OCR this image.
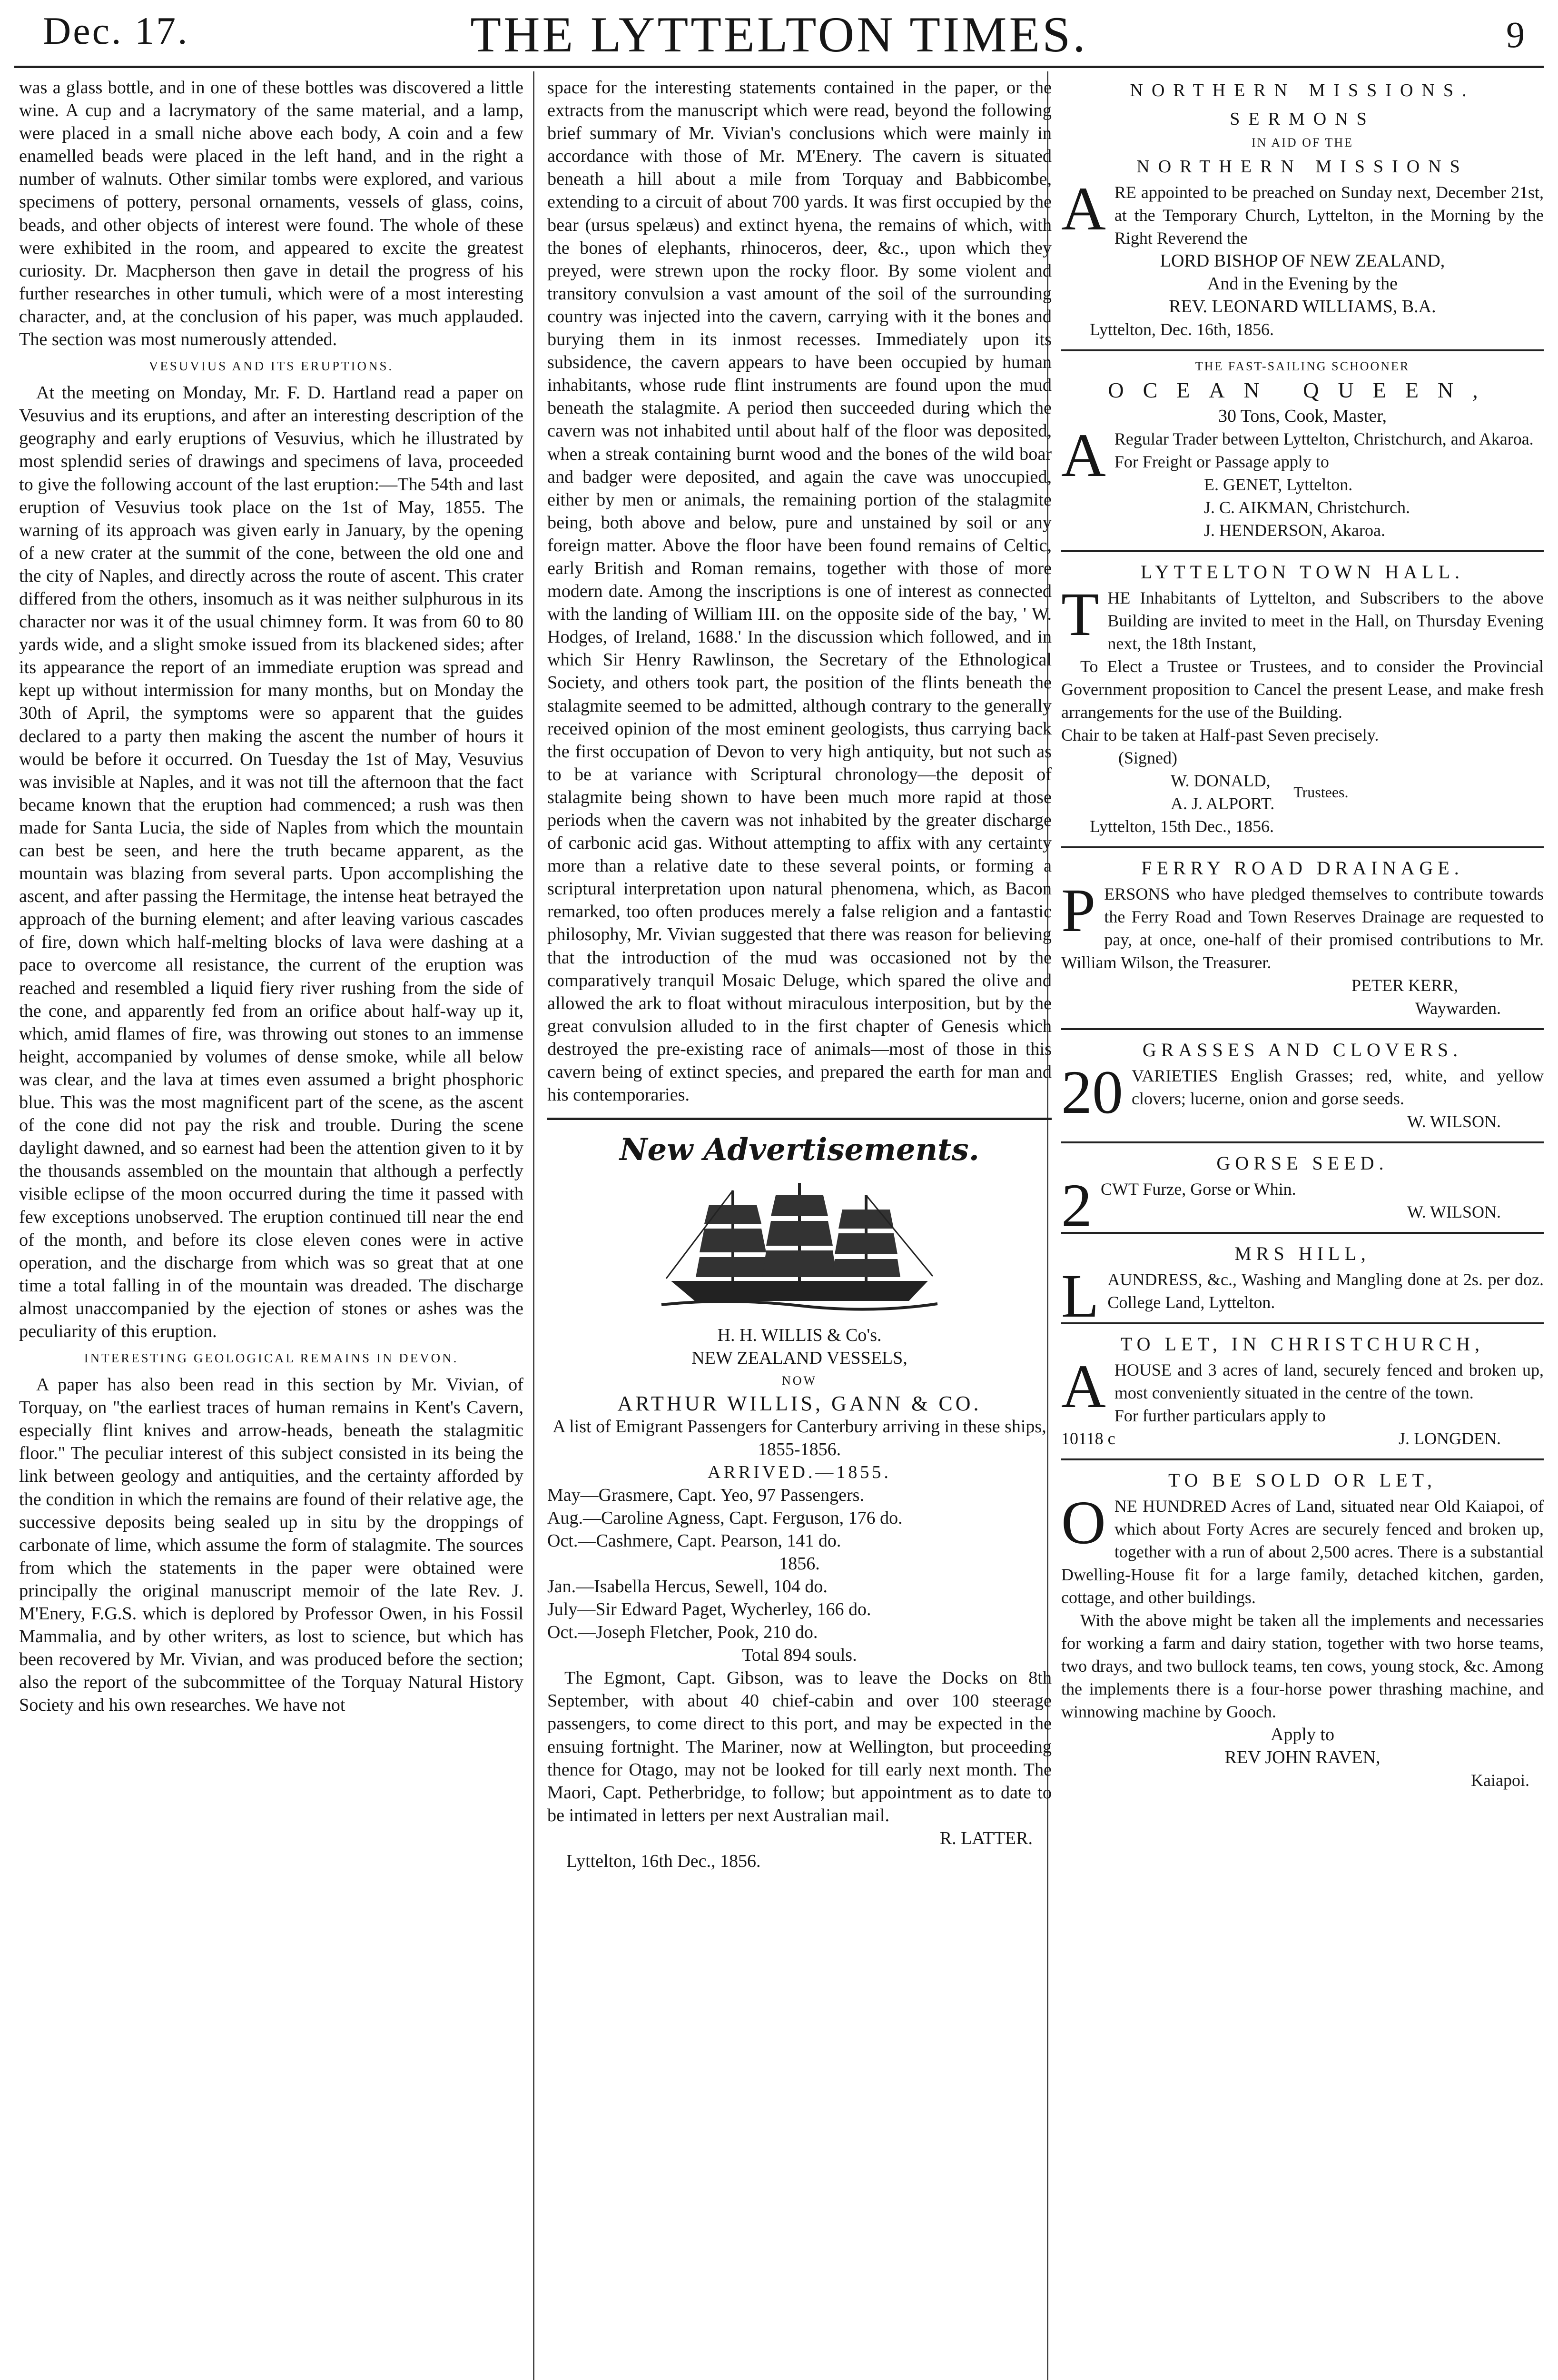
Dec. 17.	THE LYTTELTON TIMES.	9

was a glass bottle, and in one of these bottles was discovered a little wine. A cup and a lacrymatory of the same material, and a lamp, were placed in a small niche above each body, A coin and a few enamelled beads were placed in the left hand, and in the right a number of walnuts. Other similar tombs were explored, and various specimens of pottery, personal ornaments, vessels of glass, coins, beads, and other objects of interest were found. The whole of these were exhibited in the room, and appeared to excite the greatest curiosity. Dr. Macpherson then gave in detail the progress of his further researches in other tumuli, which were of a most interesting character, and, at the conclusion of his paper, was much applauded. The section was most numerously attended.

VESUVIUS AND ITS ERUPTIONS.

At the meeting on Monday, Mr. F. D. Hartland read a paper on Vesuvius and its eruptions, and after an interesting description of the geography and early eruptions of Vesuvius, which he illustrated by most splendid series of drawings and specimens of lava, proceeded to give the following account of the last eruption:—The 54th and last eruption of Vesuvius took place on the 1st of May, 1855. The warning of its approach was given early in January, by the opening of a new crater at the summit of the cone, between the old one and the city of Naples, and directly across the route of ascent. This crater differed from the others, insomuch as it was neither sulphurous in its character nor was it of the usual chimney form. It was from 60 to 80 yards wide, and a slight smoke issued from its blackened sides; after its appearance the report of an immediate eruption was spread and kept up without intermission for many months, but on Monday the 30th of April, the symptoms were so apparent that the guides declared to a party then making the ascent the number of hours it would be before it occurred. On Tuesday the 1st of May, Vesuvius was invisible at Naples, and it was not till the afternoon that the fact became known that the eruption had commenced; a rush was then made for Santa Lucia, the side of Naples from which the mountain can best be seen, and here the truth became apparent, as the mountain was blazing from several parts. Upon accomplishing the ascent, and after passing the Hermitage, the intense heat betrayed the approach of the burning element; and after leaving various cascades of fire, down which half-melting blocks of lava were dashing at a pace to overcome all resistance, the current of the eruption was reached and resembled a liquid fiery river rushing from the side of the cone, and apparently fed from an orifice about half-way up it, which, amid flames of fire, was throwing out stones to an immense height, accompanied by volumes of dense smoke, while all below was clear, and the lava at times even assumed a bright phosphoric blue. This was the most magnificent part of the scene, as the ascent of the cone did not pay the risk and trouble. During the scene daylight dawned, and so earnest had been the attention given to it by the thousands assembled on the mountain that although a perfectly visible eclipse of the moon occurred during the time it passed with few exceptions unobserved. The eruption continued till near the end of the month, and before its close eleven cones were in active operation, and the discharge from which was so great that at one time a total falling in of the mountain was dreaded. The discharge almost unaccompanied by the ejection of stones or ashes was the peculiarity of this eruption.

INTERESTING GEOLOGICAL REMAINS IN DEVON.

A paper has also been read in this section by Mr. Vivian, of Torquay, on "the earliest traces of human remains in Kent's Cavern, especially flint knives and arrow-heads, beneath the stalagmitic floor." The peculiar interest of this subject consisted in its being the link between geology and antiquities, and the certainty afforded by the condition in which the remains are found of their relative age, the successive deposits being sealed up in situ by the droppings of carbonate of lime, which assume the form of stalagmite. The sources from which the statements in the paper were obtained were principally the original manuscript memoir of the late Rev. J. M'Enery, F.G.S. which is deplored by Professor Owen, in his Fossil Mammalia, and by other writers, as lost to science, but which has been recovered by Mr. Vivian, and was produced before the section; also the report of the subcommittee of the Torquay Natural History Society and his own researches. We have not

space for the interesting statements contained in the paper, or the extracts from the manuscript which were read, beyond the following brief summary of Mr. Vivian's conclusions which were mainly in accordance with those of Mr. M'Enery. The cavern is situated beneath a hill about a mile from Torquay and Babbicombe, extending to a circuit of about 700 yards. It was first occupied by the bear (ursus spelæus) and extinct hyena, the remains of which, with the bones of elephants, rhinoceros, deer, &c., upon which they preyed, were strewn upon the rocky floor. By some violent and transitory convulsion a vast amount of the soil of the surrounding country was injected into the cavern, carrying with it the bones and burying them in its inmost recesses. Immediately upon its subsidence, the cavern appears to have been occupied by human inhabitants, whose rude flint instruments are found upon the mud beneath the stalagmite. A period then succeeded during which the cavern was not inhabited until about half of the floor was deposited, when a streak containing burnt wood and the bones of the wild boar and badger were deposited, and again the cave was unoccupied, either by men or animals, the remaining portion of the stalagmite being, both above and below, pure and unstained by soil or any foreign matter. Above the floor have been found remains of Celtic, early British and Roman remains, together with those of more modern date. Among the inscriptions is one of interest as connected with the landing of William III. on the opposite side of the bay, ' W. Hodges, of Ireland, 1688.' In the discussion which followed, and in which Sir Henry Rawlinson, the Secretary of the Ethnological Society, and others took part, the position of the flints beneath the stalagmite seemed to be admitted, although contrary to the generally received opinion of the most eminent geologists, thus carrying back the first occupation of Devon to very high antiquity, but not such as to be at variance with Scriptural chronology—the deposit of stalagmite being shown to have been much more rapid at those periods when the cavern was not inhabited by the greater discharge of carbonic acid gas. Without attempting to affix with any certainty more than a relative date to these several points, or forming a scriptural interpretation upon natural phenomena, which, as Bacon remarked, too often produces merely a false religion and a fantastic philosophy, Mr. Vivian suggested that there was reason for believing that the introduction of the mud was occasioned not by the comparatively tranquil Mosaic Deluge, which spared the olive and allowed the ark to float without miraculous interposition, but by the great convulsion alluded to in the first chapter of Genesis which destroyed the pre-existing race of animals—most of those in this cavern being of extinct species, and prepared the earth for man and his contemporaries.

New Advertisements.

H. H. WILLIS & Co's.

NEW ZEALAND VESSELS,

NOW

ARTHUR WILLIS, GANN & CO.

A list of Emigrant Passengers for Canterbury arriving in these ships, 1855-1856.

ARRIVED.—1855.

May—Grasmere, Capt. Yeo, 97 Passengers.

Aug.—Caroline Agness, Capt. Ferguson, 176 do.

Oct.—Cashmere, Capt. Pearson, 141 do.

1856.

Jan.—Isabella Hercus, Sewell, 104 do.

July—Sir Edward Paget, Wycherley, 166 do.

Oct.—Joseph Fletcher, Pook, 210 do.

Total 894 souls.

The Egmont, Capt. Gibson, was to leave the Docks on 8th September, with about 40 chief-cabin and over 100 steerage passengers, to come direct to this port, and may be expected in the ensuing fortnight. The Mariner, now at Wellington, but proceeding thence for Otago, may not be looked for till early next month. The Maori, Capt. Petherbridge, to follow; but appointment as to date to be intimated in letters per next Australian mail.

R. LATTER.

Lyttelton, 16th Dec., 1856.

NORTHERN MISSIONS.
SERMONS
IN AID OF THE
NORTHERN MISSIONS
ARE appointed to be preached on Sunday next, December 21st, at the Temporary Church, Lyttelton, in the Morning by the Right Reverend the
LORD BISHOP OF NEW ZEALAND,
And in the Evening by the
REV. LEONARD WILLIAMS, B.A.
Lyttelton, Dec. 16th, 1856.
THE FAST-SAILING SCHOONER
OCEAN QUEEN,
30 Tons, Cook, Master,
A Regular Trader between Lyttelton, Christchurch, and Akaroa.
For Freight or Passage apply to
E. GENET, Lyttelton.
J. C. AIKMAN, Christchurch.
J. HENDERSON, Akaroa.
LYTTELTON TOWN HALL.
THE Inhabitants of Lyttelton, and Subscribers to the above Building are invited to meet in the Hall, on Thursday Evening next, the 18th Instant,
To Elect a Trustee or Trustees, and to consider the Provincial Government proposition to Cancel the present Lease, and make fresh arrangements for the use of the Building.
Chair to be taken at Half-past Seven precisely.
(Signed)
W. DONALD,
A. J. ALPORT.
Trustees.
Lyttelton, 15th Dec., 1856.
FERRY ROAD DRAINAGE.
PERSONS who have pledged themselves to contribute towards the Ferry Road and Town Reserves Drainage are requested to pay, at once, one-half of their promised contributions to Mr. William Wilson, the Treasurer.
PETER KERR,
Waywarden.
GRASSES AND CLOVERS.
20 VARIETIES English Grasses; red, white, and yellow clovers; lucerne, onion and gorse seeds.
W. WILSON.
GORSE SEED.
2 CWT Furze, Gorse or Whin.
W. WILSON.
MRS HILL,
LAUNDRESS, &c., Washing and Mangling done at 2s. per doz. College Land, Lyttelton.
TO LET, IN CHRISTCHURCH,
AHOUSE and 3 acres of land, securely fenced and broken up, most conveniently situated in the centre of the town.
For further particulars apply to
10118 c	J. LONGDEN.
TO BE SOLD OR LET,
ONE HUNDRED Acres of Land, situated near Old Kaiapoi, of which about Forty Acres are securely fenced and broken up, together with a run of about 2,500 acres. There is a substantial Dwelling-House fit for a large family, detached kitchen, garden, cottage, and other buildings.
With the above might be taken all the implements and necessaries for working a farm and dairy station, together with two horse teams, two drays, and two bullock teams, ten cows, young stock, &c. Among the implements there is a four-horse power thrashing machine, and winnowing machine by Gooch.
Apply to
REV JOHN RAVEN,
Kaiapoi.
